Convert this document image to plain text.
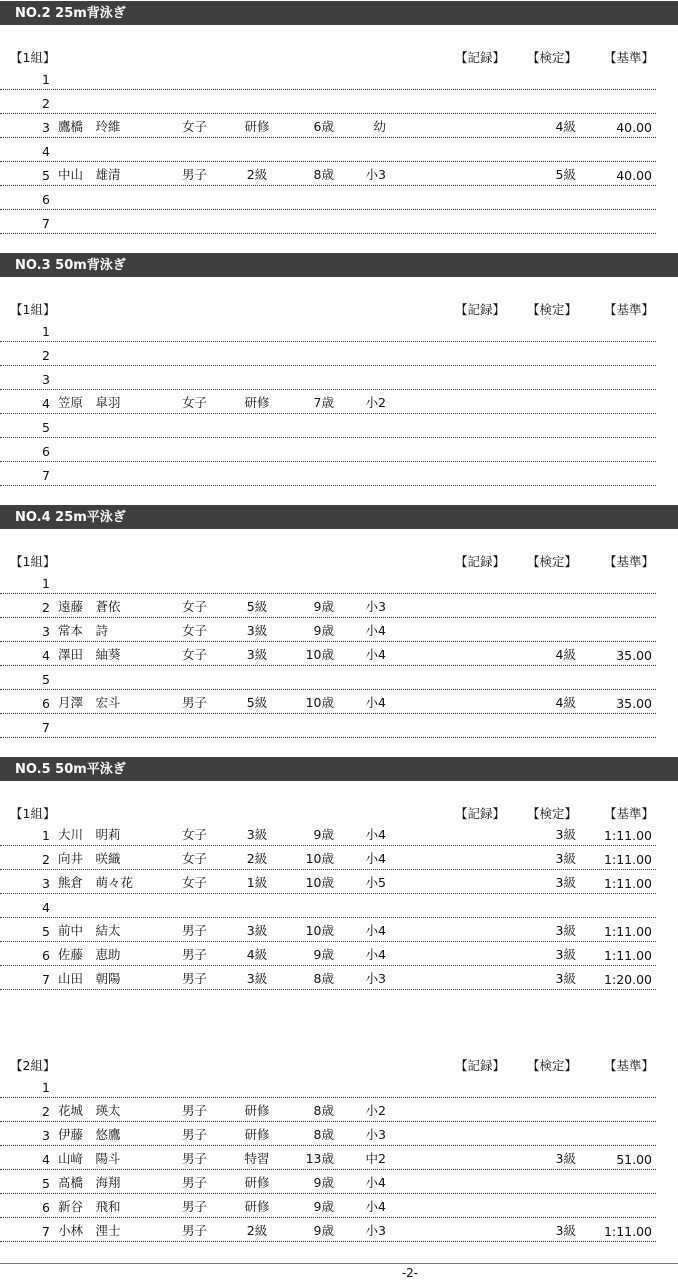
NO.2 25m背泳ぎ
【1組】	【記録】 【検定】 【基準】
1
2
3 鷹橋　玲維	女子	研修	6歳	幼	4級	40.00
4
5 中山　雄清	男子	2級	8歳	小3	5級	40.00
6
7
NO.3 50m背泳ぎ
【1組】	【記録】 【検定】 【基準】
1
2
3
4 笠原　皐羽	女子	研修	7歳	小2
5
6
7
NO.4 25m平泳ぎ
【1組】	【記録】 【検定】 【基準】
1
2 遠藤　蒼依	女子	5級	9歳	小3
3 常本　詩	女子	3級	9歳	小4
4 澤田　紬葵	女子	3級	10歳	小4	4級	35.00
5
6 月澤　宏斗	男子	5級	10歳	小4	4級	35.00
7
NO.5 50m平泳ぎ
【1組】	【記録】 【検定】 【基準】
1 大川　明莉	女子	3級	9歳	小4	3級	1:11.00
2 向井　咲織	女子	2級	10歳	小4	3級	1:11.00
3 熊倉　萌々花	女子	1級	10歳	小5	3級	1:11.00
4
5 前中　結太	男子	3級	10歳	小4	3級	1:11.00
6 佐藤　恵助	男子	4級	9歳	小4	3級	1:11.00
7 山田　朝陽	男子	3級	8歳	小3	3級	1:20.00
【2組】	【記録】 【検定】 【基準】
1
2 花城　瑛太	男子	研修	8歳	小2
3 伊藤　悠鷹	男子	研修	8歳	小3
4 山﨑　陽斗	男子	特習	13歳	中2	3級	51.00
5 髙橋　海翔	男子	研修	9歳	小4
6 新谷　飛和	男子	研修	9歳	小4
7 小林　浬士	男子	2級	9歳	小3	3級	1:11.00
-2-
